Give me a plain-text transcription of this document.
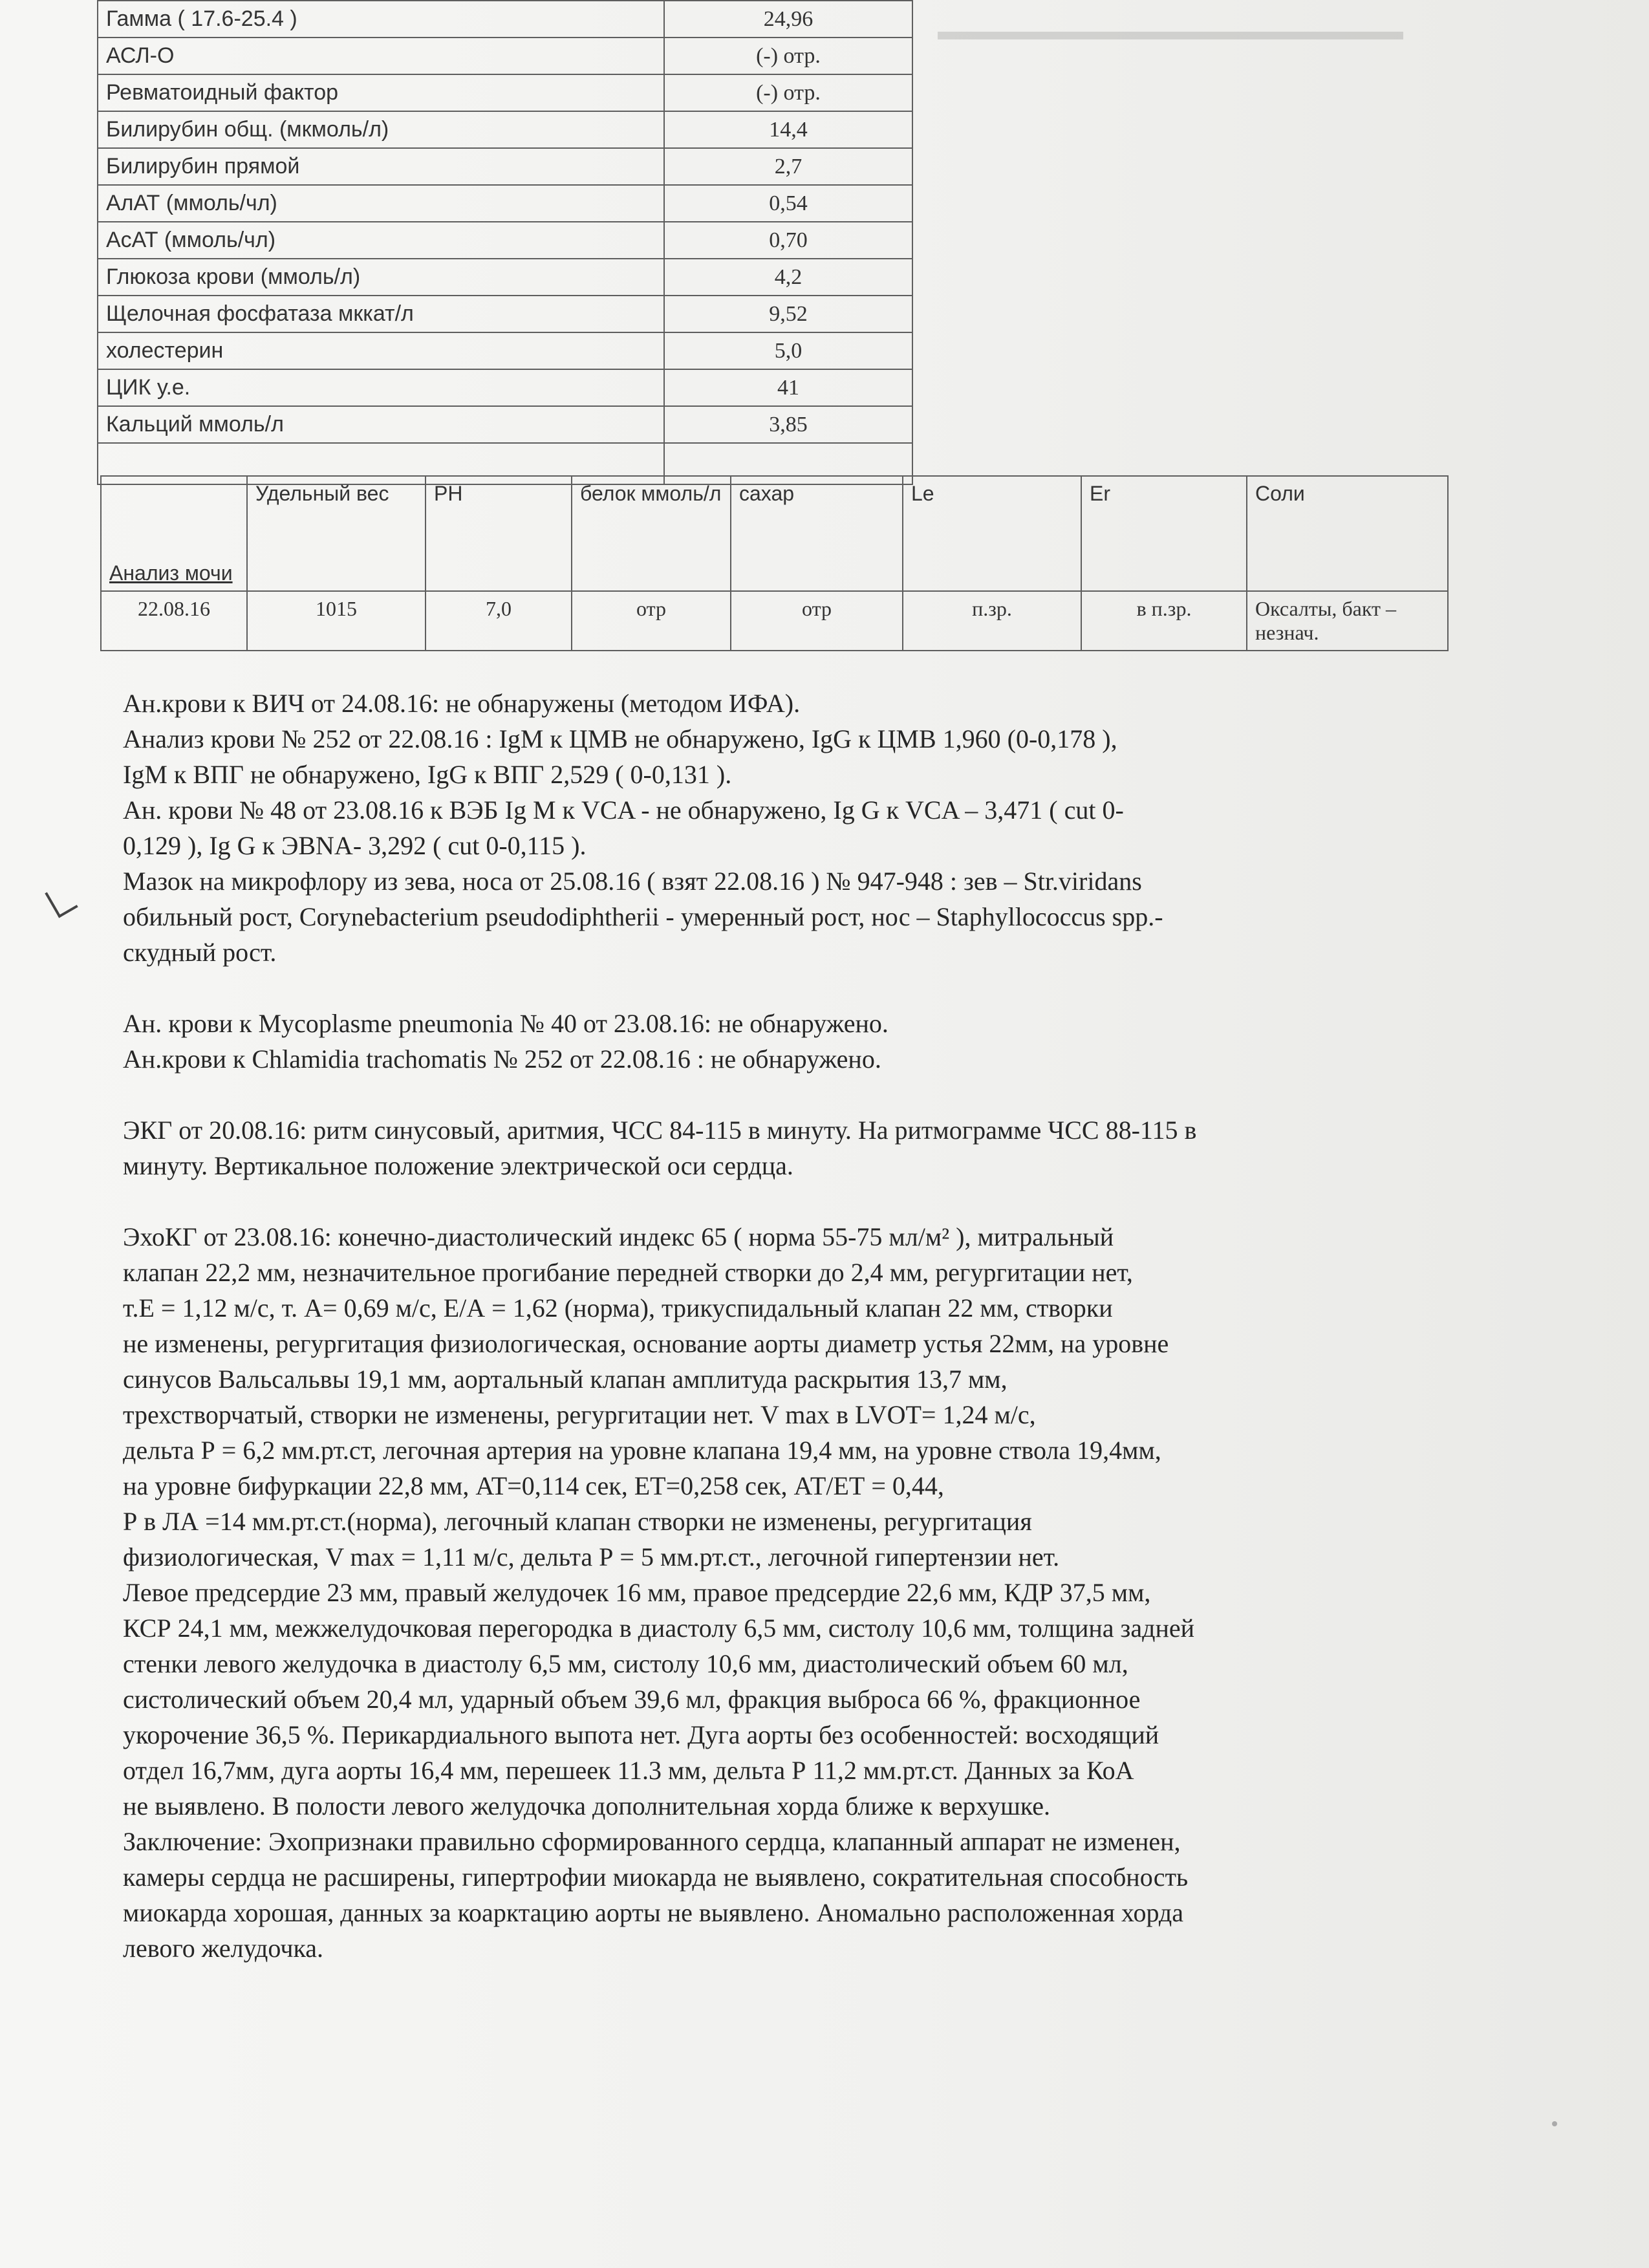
▬▬▬▬▬▬▬▬▬▬▬▬▬▬▬▬▬▬
Гамма ( 17.6-25.4 )	24,96
АСЛ-О	(-) отр.
Ревматоидный фактор	(-) отр.
Билирубин общ. (мкмоль/л)	14,4
Билирубин прямой	2,7
АлАТ (ммоль/чл)	0,54
АсАТ (ммоль/чл)	0,70
Глюкоза крови (ммоль/л)	4,2
Щелочная фосфатаза мккат/л	9,52
холестерин	5,0
ЦИК у.е.	41
Кальций ммоль/л	3,85

Анализ мочи	Удельный вес	PH	белок ммоль/л	сахар	Le	Er	Соли
22.08.16	1015	7,0	отр	отр	п.зр.	в п.зр.	Оксалты, бакт – незнач.

Ан.крови к ВИЧ от 24.08.16: не обнаружены (методом ИФА).

Анализ крови № 252 от 22.08.16 : IgM к ЦМВ не обнаружено, IgG к ЦМВ 1,960 (0-0,178 ),

IgM к ВПГ не обнаружено, IgG к ВПГ 2,529 ( 0-0,131 ).

Ан. крови № 48 от 23.08.16 к ВЭБ Ig M к VCA - не обнаружено, Ig G к VCA – 3,471 ( cut 0-

0,129 ), Ig G к ЭВNA- 3,292 ( cut 0-0,115 ).

Мазок на микрофлору из зева, носа от 25.08.16 ( взят 22.08.16 ) № 947-948 : зев – Str.viridans

обильный рост, Corynebacterium pseudodiphtherii - умеренный рост, нос – Staphyllococcus spp.-

скудный рост.

Ан. крови к Mycoplasme pneumonia № 40 от 23.08.16: не обнаружено.

Ан.крови к Chlamidia trachomatis № 252 от 22.08.16 : не обнаружено.

ЭКГ от 20.08.16: ритм синусовый, аритмия, ЧСС 84-115 в минуту. На ритмограмме ЧСС 88-115 в

минуту. Вертикальное положение электрической оси сердца.

ЭхоКГ от 23.08.16: конечно-диастолический индекс 65 ( норма 55-75 мл/м² ), митральный

клапан 22,2 мм, незначительное прогибание передней створки до 2,4 мм, регургитации нет,

т.Е = 1,12 м/с, т. А= 0,69 м/с, Е/А = 1,62 (норма), трикуспидальный клапан 22 мм, створки

не изменены, регургитация физиологическая, основание аорты диаметр устья 22мм, на уровне

синусов Вальсальвы 19,1 мм, аортальный клапан амплитуда раскрытия 13,7 мм,

трехстворчатый, створки не изменены, регургитации нет. V max в LVOT= 1,24 м/с,

дельта Р = 6,2 мм.рт.ст, легочная артерия на уровне клапана 19,4 мм, на уровне ствола 19,4мм,

на уровне бифуркации 22,8 мм, AT=0,114 сек, ЕТ=0,258 сек, АТ/ЕТ = 0,44,

Р в ЛА =14 мм.рт.ст.(норма), легочный клапан створки не изменены, регургитация

физиологическая, V max = 1,11 м/с, дельта Р = 5 мм.рт.ст., легочной гипертензии нет.

Левое предсердие 23 мм, правый желудочек 16 мм, правое предсердие 22,6 мм, КДР 37,5 мм,

КСР 24,1 мм, межжелудочковая перегородка в диастолу 6,5 мм, систолу 10,6 мм, толщина задней

стенки левого желудочка в диастолу 6,5 мм, систолу 10,6 мм, диастолический объем 60 мл,

систолический объем 20,4 мл, ударный объем 39,6 мл, фракция выброса 66 %, фракционное

укорочение 36,5 %. Перикардиального выпота нет. Дуга аорты без особенностей: восходящий

отдел 16,7мм, дуга аорты 16,4 мм, перешеек 11.3 мм, дельта Р 11,2 мм.рт.ст. Данных за КоА

не выявлено. В полости левого желудочка дополнительная хорда ближе к верхушке.

Заключение: Эхопризнаки правильно сформированного сердца, клапанный аппарат не изменен,

камеры сердца не расширены, гипертрофии миокарда не выявлено, сократительная способность

миокарда хорошая, данных за коарктацию аорты не выявлено. Аномально расположенная хорда

левого желудочка.
